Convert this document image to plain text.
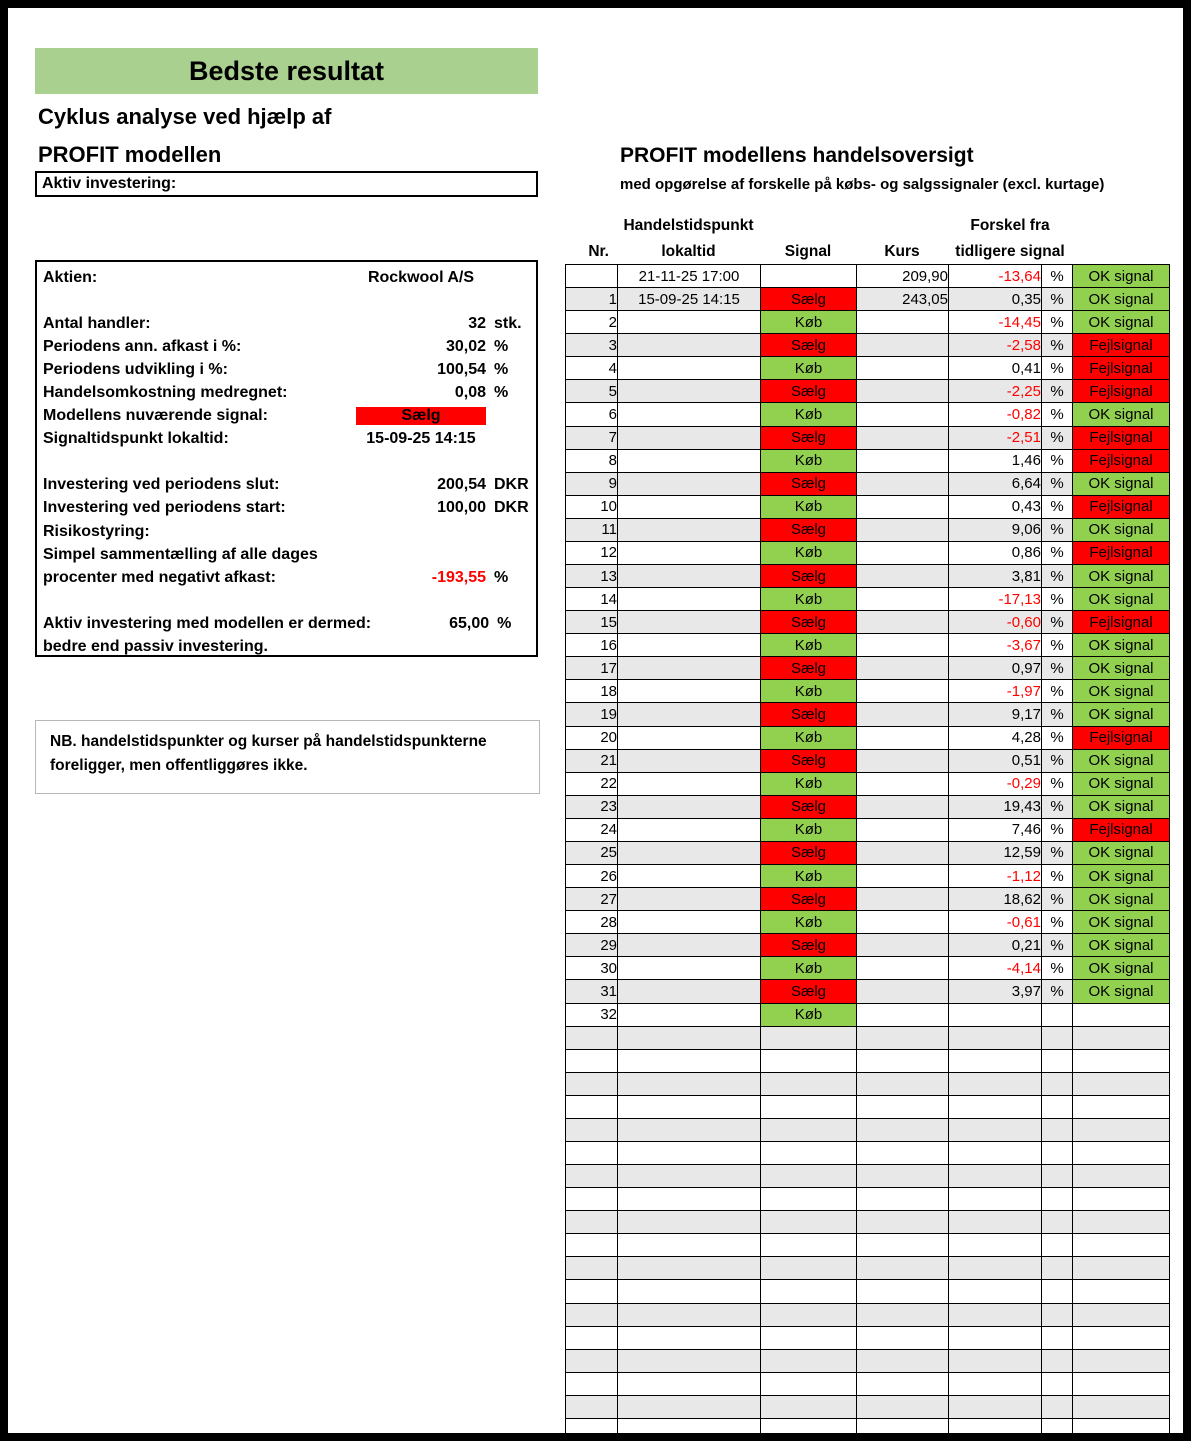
Bedste resultat
Cyklus analyse ved hjælp af
PROFIT modellen
Aktiv investering:
Aktien:	Rockwool A/S
Antal handler:	32 stk.
Periodens ann. afkast i %:	30,02 %
Periodens udvikling i %:	100,54 %
Handelsomkostning medregnet:	0,08 %
Modellens nuværende signal:	Sælg
Signaltidspunkt lokaltid:	15-09-25 14:15
Investering ved periodens slut:	200,54 DKR
Investering ved periodens start:	100,00 DKR
Risikostyring:
Simpel sammentælling af alle dages
procenter med negativt afkast:	-193,55 %
Aktiv investering med modellen er dermed:	65,00 %
bedre end passiv investering.
NB. handelstidspunkter og kurser på handelstidspunkterne foreligger, men offentliggøres ikke.
PROFIT modellens handelsoversigt
med opgørelse af forskelle på købs- og salgssignaler (excl. kurtage)
Handelstidspunkt	Forskel fra
Nr.	lokaltid	Signal	Kurs	tidligere signal
	21-11-25 17:00		209,90	-13,64	%	OK signal
1	15-09-25 14:15	Sælg	243,05	0,35	%	OK signal
2		Køb		-14,45	%	OK signal
3		Sælg		-2,58	%	Fejlsignal
4		Køb		0,41	%	Fejlsignal
5		Sælg		-2,25	%	Fejlsignal
6		Køb		-0,82	%	OK signal
7		Sælg		-2,51	%	Fejlsignal
8		Køb		1,46	%	Fejlsignal
9		Sælg		6,64	%	OK signal
10		Køb		0,43	%	Fejlsignal
11		Sælg		9,06	%	OK signal
12		Køb		0,86	%	Fejlsignal
13		Sælg		3,81	%	OK signal
14		Køb		-17,13	%	OK signal
15		Sælg		-0,60	%	Fejlsignal
16		Køb		-3,67	%	OK signal
17		Sælg		0,97	%	OK signal
18		Køb		-1,97	%	OK signal
19		Sælg		9,17	%	OK signal
20		Køb		4,28	%	Fejlsignal
21		Sælg		0,51	%	OK signal
22		Køb		-0,29	%	OK signal
23		Sælg		19,43	%	OK signal
24		Køb		7,46	%	Fejlsignal
25		Sælg		12,59	%	OK signal
26		Køb		-1,12	%	OK signal
27		Sælg		18,62	%	OK signal
28		Køb		-0,61	%	OK signal
29		Sælg		0,21	%	OK signal
30		Køb		-4,14	%	OK signal
31		Sælg		3,97	%	OK signal
32		Køb				
